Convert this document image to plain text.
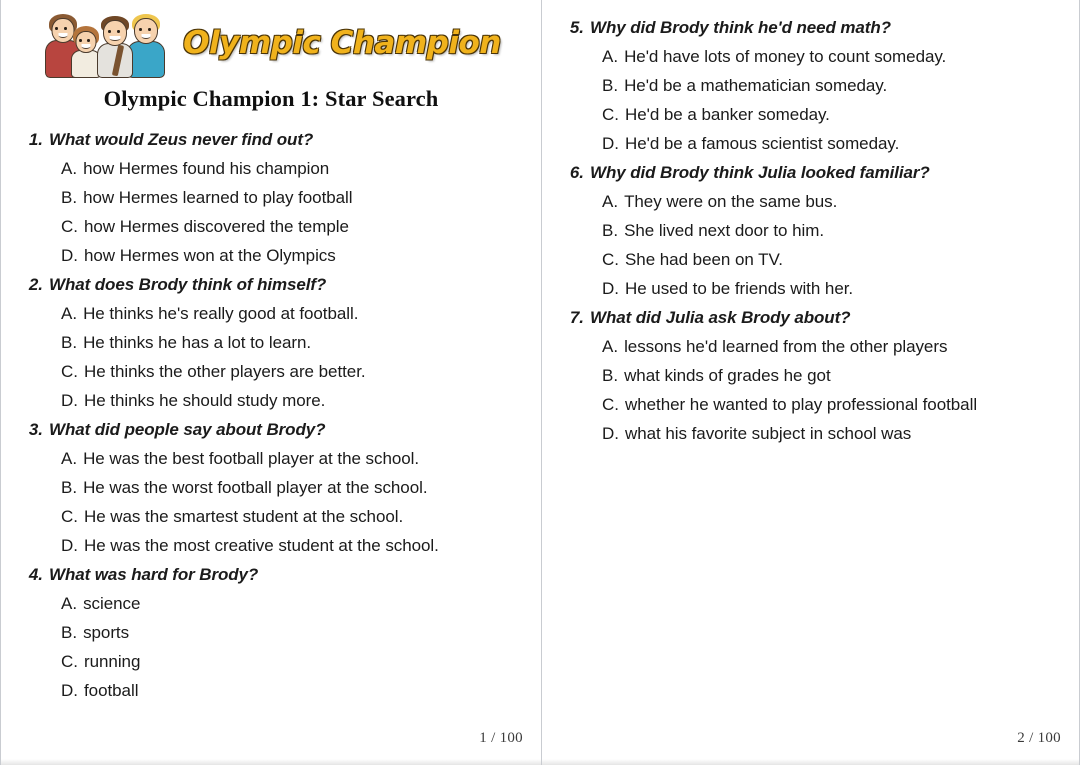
Olympic Champion
Olympic Champion 1: Star Search
1. What would Zeus never find out?
A. how Hermes found his champion
B. how Hermes learned to play football
C. how Hermes discovered the temple
D. how Hermes won at the Olympics
2. What does Brody think of himself?
A. He thinks he's really good at football.
B. He thinks he has a lot to learn.
C. He thinks the other players are better.
D. He thinks he should study more.
3. What did people say about Brody?
A. He was the best football player at the school.
B. He was the worst football player at the school.
C. He was the smartest student at the school.
D. He was the most creative student at the school.
4. What was hard for Brody?
A. science
B. sports
C. running
D. football
1 / 100
5. Why did Brody think he'd need math?
A. He'd have lots of money to count someday.
B. He'd be a mathematician someday.
C. He'd be a banker someday.
D. He'd be a famous scientist someday.
6. Why did Brody think Julia looked familiar?
A. They were on the same bus.
B. She lived next door to him.
C. She had been on TV.
D. He used to be friends with her.
7. What did Julia ask Brody about?
A. lessons he'd learned from the other players
B. what kinds of grades he got
C. whether he wanted to play professional football
D. what his favorite subject in school was
2 / 100
